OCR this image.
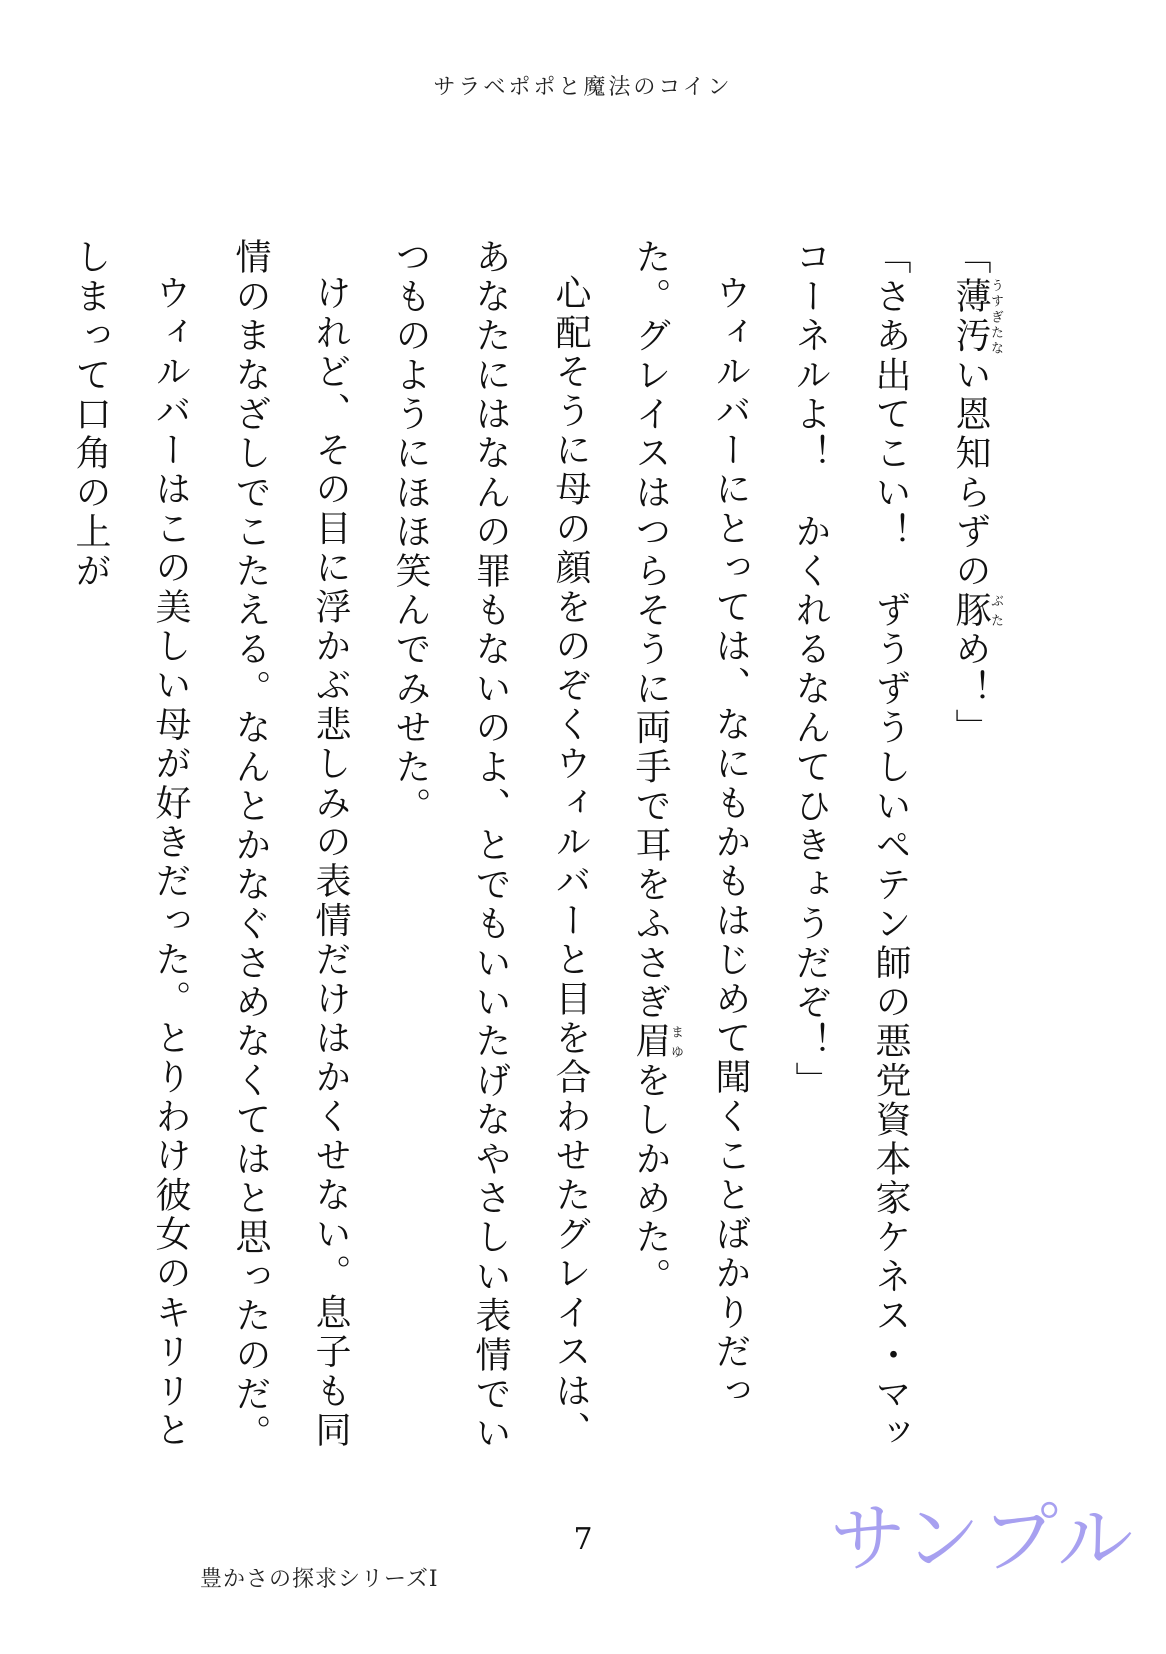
サラベポポと魔法のコイン

「薄汚うすぎたない恩知らずの豚ぶため！」

「さあ出てこい！　ずうずうしいペテン師の悪党資本家ケネス・マッコーネルよ！　かくれるなんてひきょうだぞ！」

ウィルバーにとっては、なにもかもはじめて聞くことばかりだった。グレイスはつらそうに両手で耳をふさぎ眉まゆをしかめた。

心配そうに母の顔をのぞくウィルバーと目を合わせたグレイスは、あなたにはなんの罪もないのよ、とでもいいたげなやさしい表情でいつものようにほほ笑んでみせた。

けれど、その目に浮かぶ悲しみの表情だけはかくせない。息子も同情のまなざしでこたえる。なんとかなぐさめなくてはと思ったのだ。

ウィルバーはこの美しい母が好きだった。とりわけ彼女のキリリとしまって口角の上が

7
豊かさの探求シリーズⅠ	サンプル
